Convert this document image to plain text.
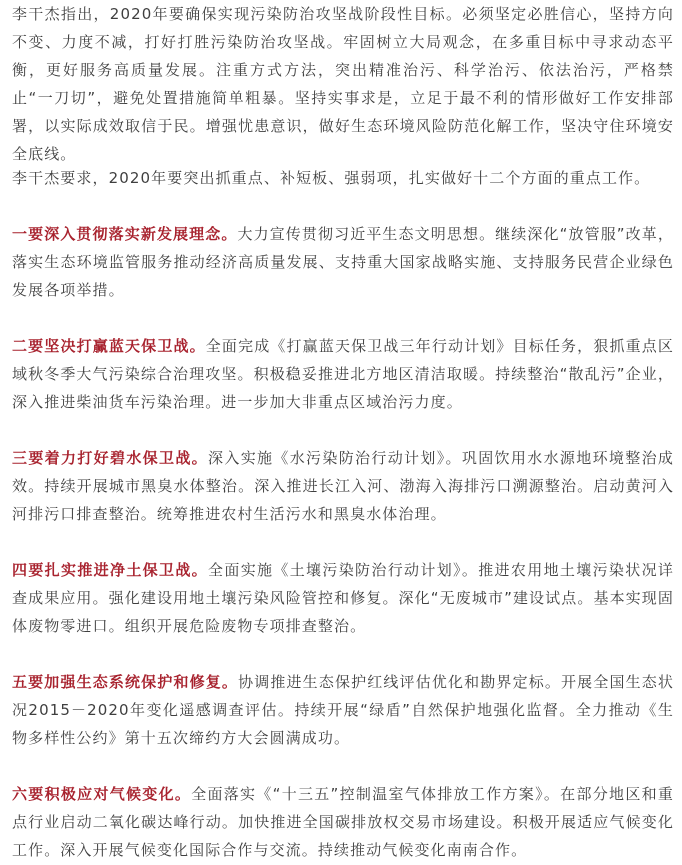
李干杰指出，2020年要确保实现污染防治攻坚战阶段性目标。必须坚定必胜信心，坚持方向不变、力度不减，打好打胜污染防治攻坚战。牢固树立大局观念，在多重目标中寻求动态平衡，更好服务高质量发展。注重方式方法，突出精准治污、科学治污、依法治污，严格禁止“一刀切”，避免处置措施简单粗暴。坚持实事求是，立足于最不利的情形做好工作安排部署，以实际成效取信于民。增强忧患意识，做好生态环境风险防范化解工作，坚决守住环境安全底线。

李干杰要求，2020年要突出抓重点、补短板、强弱项，扎实做好十二个方面的重点工作。

一要深入贯彻落实新发展理念。大力宣传贯彻习近平生态文明思想。继续深化“放管服”改革，落实生态环境监管服务推动经济高质量发展、支持重大国家战略实施、支持服务民营企业绿色发展各项举措。

二要坚决打赢蓝天保卫战。全面完成《打赢蓝天保卫战三年行动计划》目标任务，狠抓重点区域秋冬季大气污染综合治理攻坚。积极稳妥推进北方地区清洁取暖。持续整治“散乱污”企业，深入推进柴油货车污染治理。进一步加大非重点区域治污力度。

三要着力打好碧水保卫战。深入实施《水污染防治行动计划》。巩固饮用水水源地环境整治成效。持续开展城市黑臭水体整治。深入推进长江入河、渤海入海排污口溯源整治。启动黄河入河排污口排查整治。统筹推进农村生活污水和黑臭水体治理。

四要扎实推进净土保卫战。全面实施《土壤污染防治行动计划》。推进农用地土壤污染状况详查成果应用。强化建设用地土壤污染风险管控和修复。深化“无废城市”建设试点。基本实现固体废物零进口。组织开展危险废物专项排查整治。

五要加强生态系统保护和修复。协调推进生态保护红线评估优化和勘界定标。开展全国生态状况2015－2020年变化遥感调查评估。持续开展“绿盾”自然保护地强化监督。全力推动《生物多样性公约》第十五次缔约方大会圆满成功。

六要积极应对气候变化。全面落实《“十三五”控制温室气体排放工作方案》。在部分地区和重点行业启动二氧化碳达峰行动。加快推进全国碳排放权交易市场建设。积极开展适应气候变化工作。深入开展气候变化国际合作与交流。持续推动气候变化南南合作。
